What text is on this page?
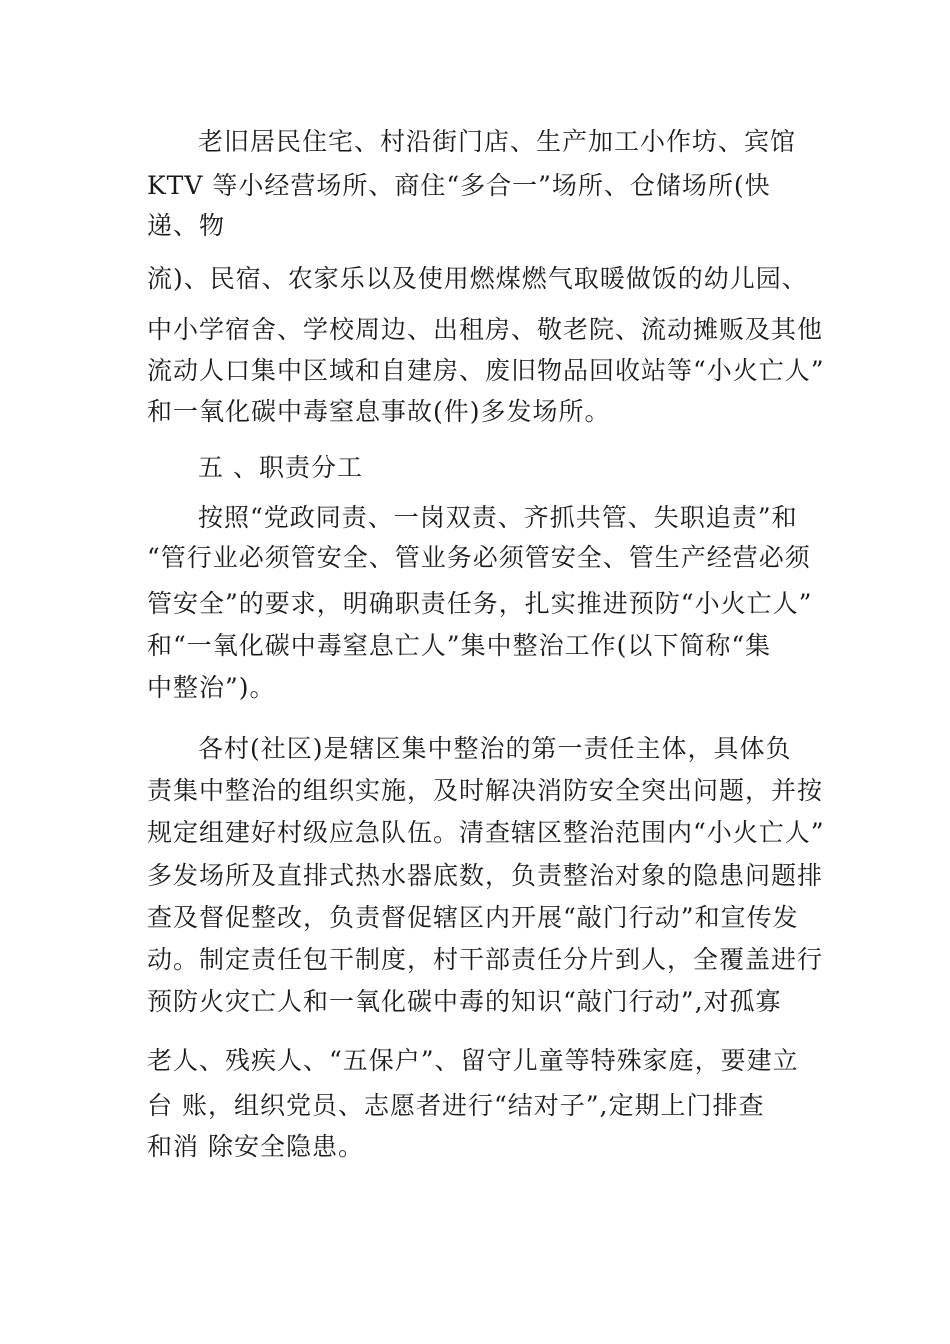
老旧居民住宅、村沿街门店、生产加工小作坊、宾馆
KTV 等小经营场所、商住“多合一”场所、仓储场所(快
递、物
流)、民宿、农家乐以及使用燃煤燃气取暖做饭的幼儿园、
中小学宿舍、学校周边、出租房、敬老院、流动摊贩及其他
流动人口集中区域和自建房、废旧物品回收站等“小火亡人”
和一氧化碳中毒窒息事故(件)多发场所。
五 、职责分工
按照“党政同责、一岗双责、齐抓共管、失职追责”和
“管行业必须管安全、管业务必须管安全、管生产经营必须
管安全”的要求，明确职责任务，扎实推进预防“小火亡人”
和“一氧化碳中毒窒息亡人”集中整治工作(以下简称“集
中整治”)。
各村(社区)是辖区集中整治的第一责任主体，具体负
责集中整治的组织实施，及时解决消防安全突出问题，并按
规定组建好村级应急队伍。清查辖区整治范围内“小火亡人”
多发场所及直排式热水器底数，负责整治对象的隐患问题排
查及督促整改，负责督促辖区内开展“敲门行动”和宣传发
动。制定责任包干制度，村干部责任分片到人，全覆盖进行
预防火灾亡人和一氧化碳中毒的知识“敲门行动”,对孤寡
老人、残疾人、“五保户”、留守儿童等特殊家庭，要建立
台 账，组织党员、志愿者进行“结对子”,定期上门排查
和消 除安全隐患。
